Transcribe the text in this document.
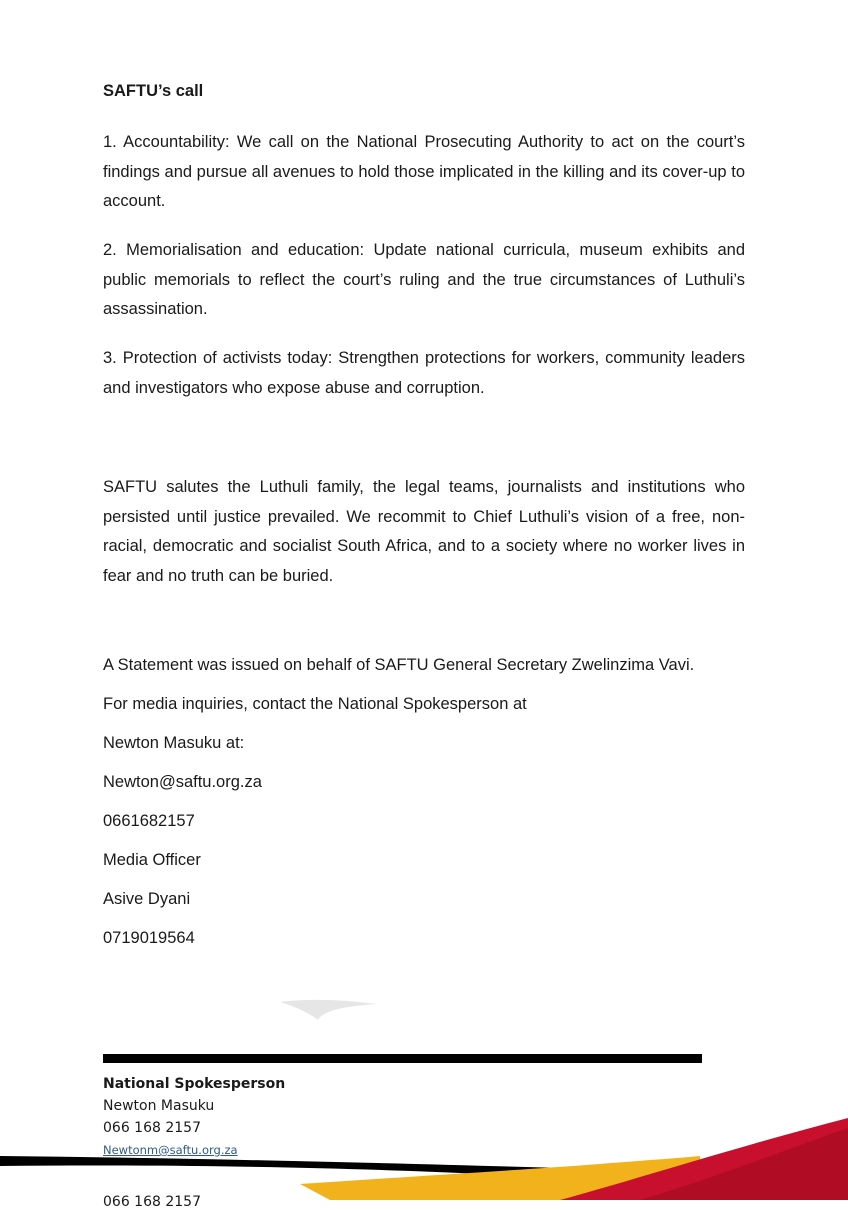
SAFTU’s call

1. Accountability: We call on the National Prosecuting Authority to act on the court’s findings and pursue all avenues to hold those implicated in the killing and its cover-up to account.

2. Memorialisation and education: Update national curricula, museum exhibits and public memorials to reflect the court’s ruling and the true circumstances of Luthuli’s assassination.

3. Protection of activists today: Strengthen protections for workers, community leaders and investigators who expose abuse and corruption.

SAFTU salutes the Luthuli family, the legal teams, journalists and institutions who persisted until justice prevailed. We recommit to Chief Luthuli’s vision of a free, non-racial, democratic and socialist South Africa, and to a society where no worker lives in fear and no truth can be buried.

A Statement was issued on behalf of SAFTU General Secretary Zwelinzima Vavi.

For media inquiries, contact the National Spokesperson at

Newton Masuku at:

Newton@saftu.org.za

0661682157

Media Officer

Asive Dyani

0719019564

National Spokesperson

Newton Masuku

066 168 2157

Newtonm@saftu.org.za

066 168 2157
